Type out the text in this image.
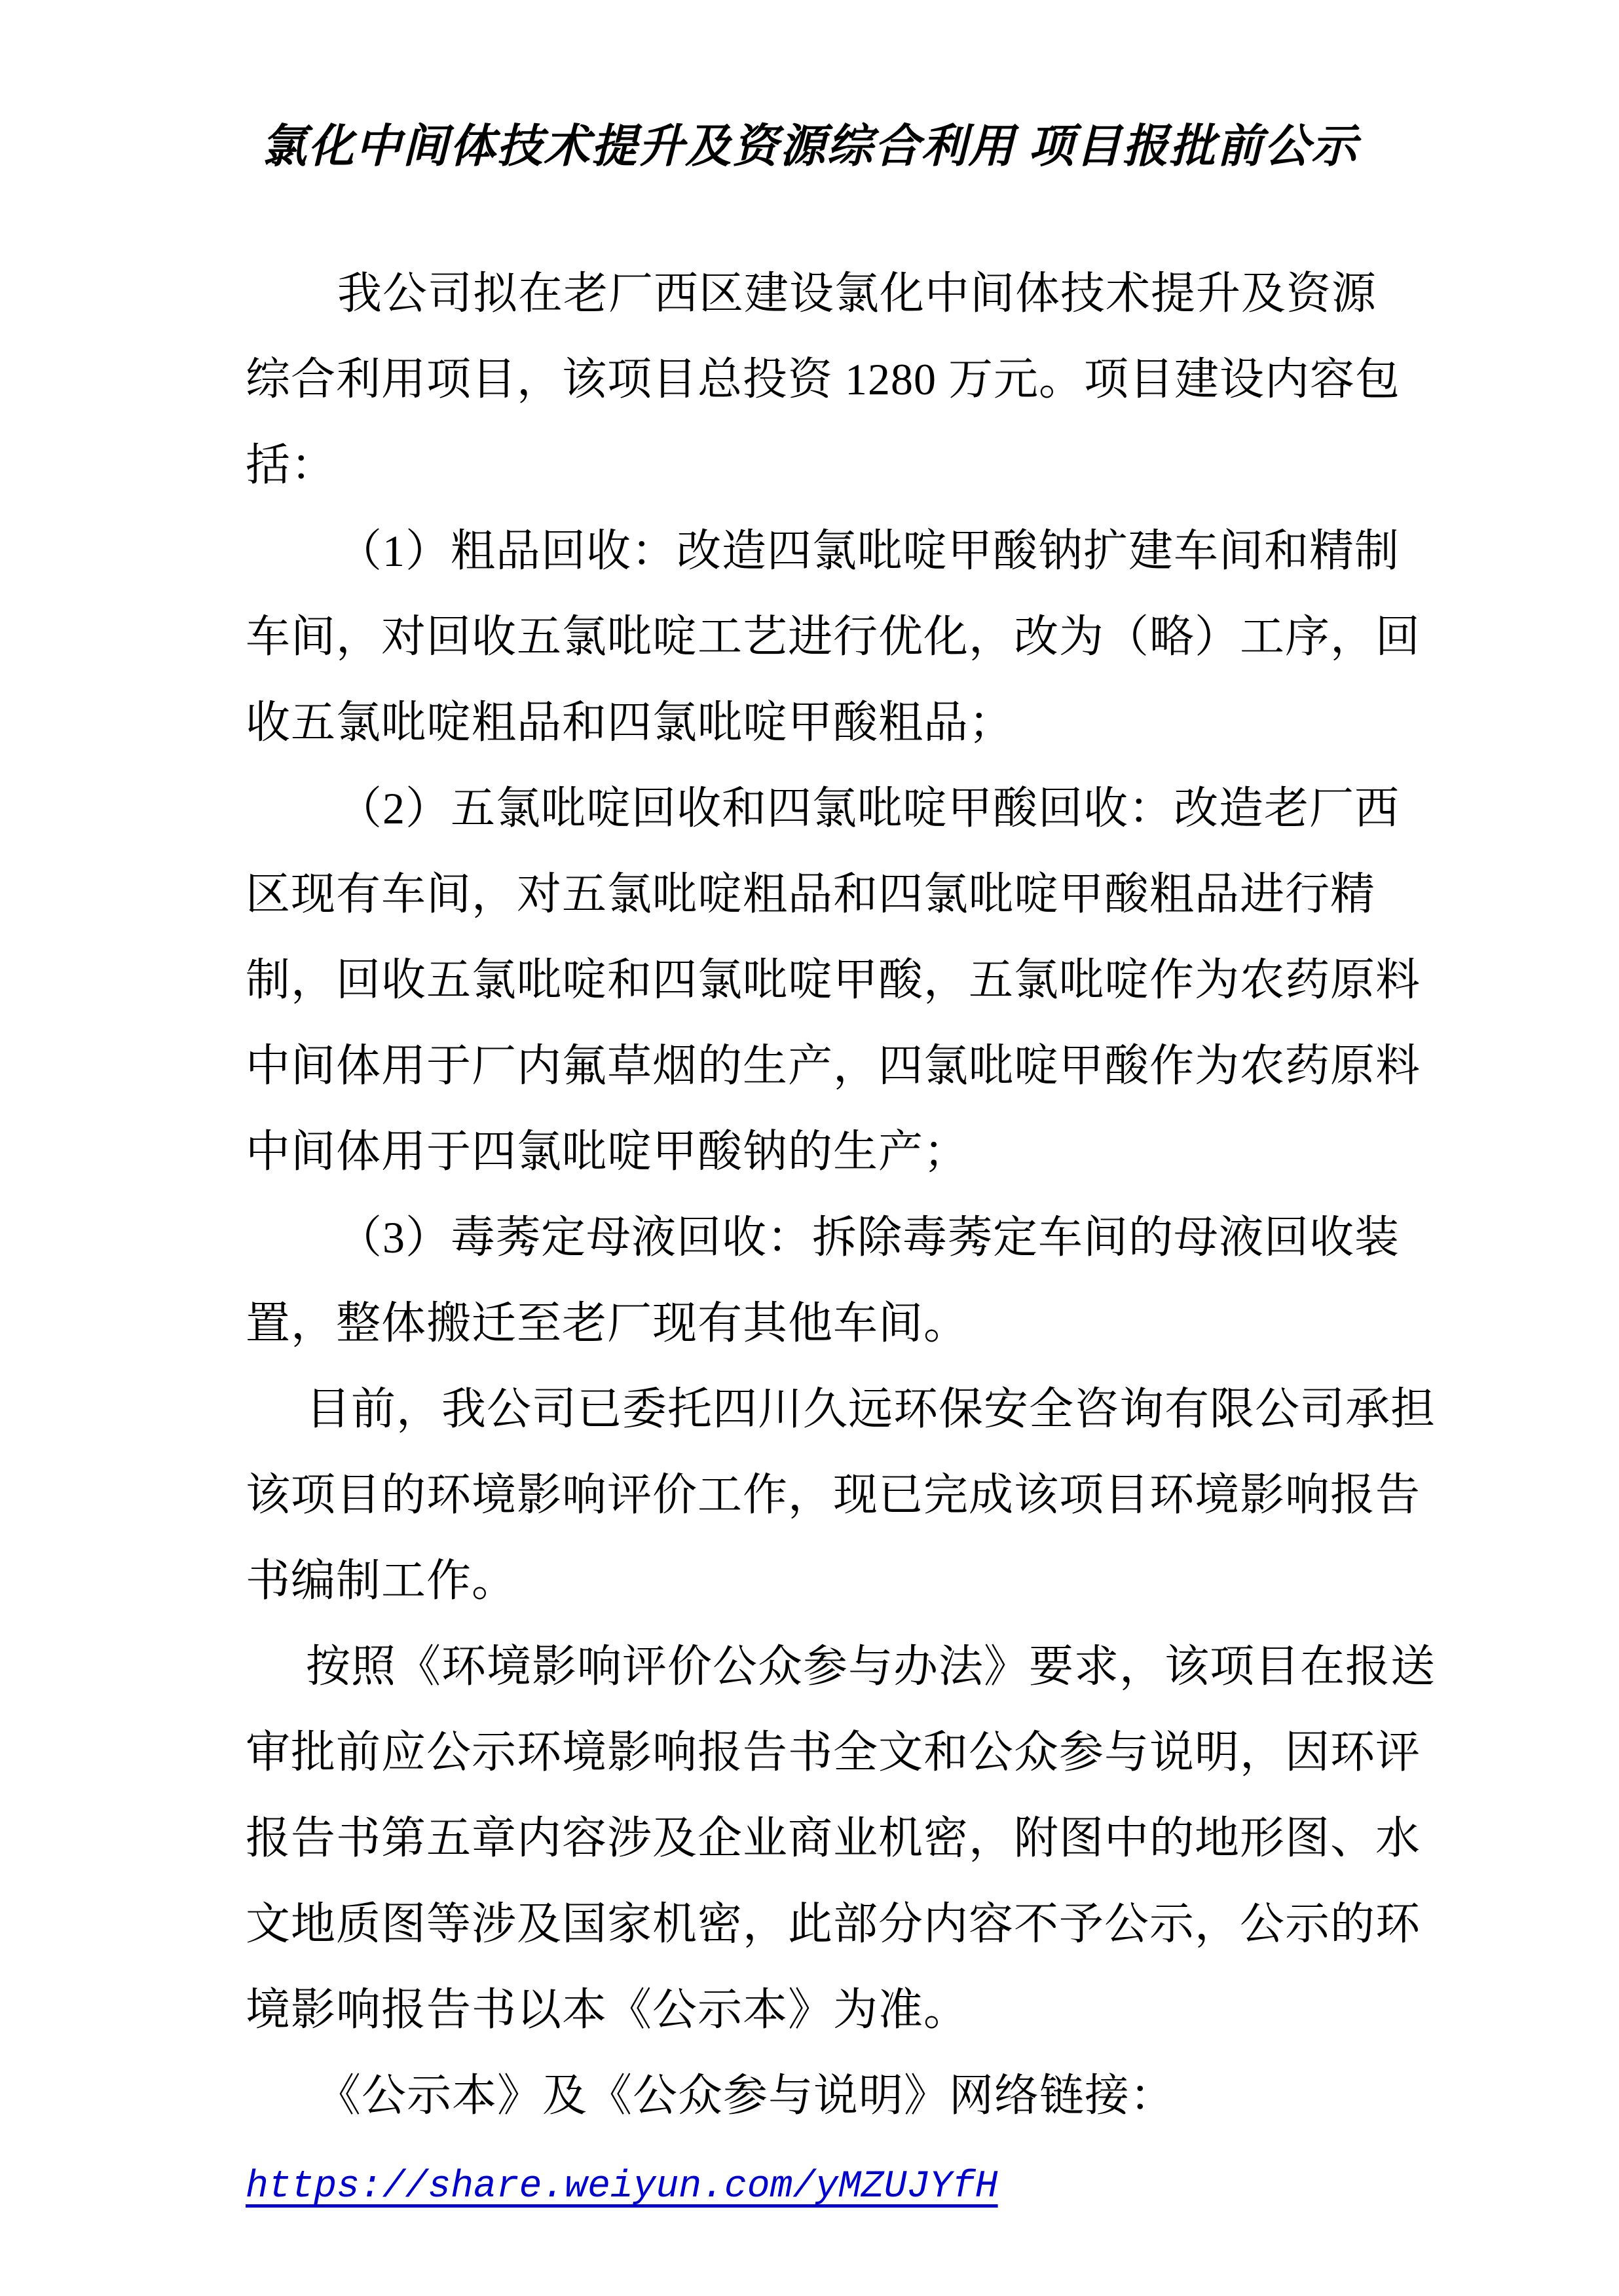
氯化中间体技术提升及资源综合利用 项目报批前公示
我公司拟在老厂西区建设氯化中间体技术提升及资源
综合利用项目，该项目总投资 1280 万元。项目建设内容包
括：
（1）粗品回收：改造四氯吡啶甲酸钠扩建车间和精制
车间，对回收五氯吡啶工艺进行优化，改为（略）工序，回
收五氯吡啶粗品和四氯吡啶甲酸粗品；
（2）五氯吡啶回收和四氯吡啶甲酸回收：改造老厂西
区现有车间，对五氯吡啶粗品和四氯吡啶甲酸粗品进行精
制，回收五氯吡啶和四氯吡啶甲酸，五氯吡啶作为农药原料
中间体用于厂内氟草烟的生产，四氯吡啶甲酸作为农药原料
中间体用于四氯吡啶甲酸钠的生产；
（3）毒莠定母液回收：拆除毒莠定车间的母液回收装
置，整体搬迁至老厂现有其他车间。
目前，我公司已委托四川久远环保安全咨询有限公司承担
该项目的环境影响评价工作，现已完成该项目环境影响报告
书编制工作。
按照《环境影响评价公众参与办法》要求，该项目在报送
审批前应公示环境影响报告书全文和公众参与说明，因环评
报告书第五章内容涉及企业商业机密，附图中的地形图、水
文地质图等涉及国家机密，此部分内容不予公示，公示的环
境影响报告书以本《公示本》为准。
《公示本》及《公众参与说明》网络链接：
https://share.weiyun.com/yMZUJYfH
